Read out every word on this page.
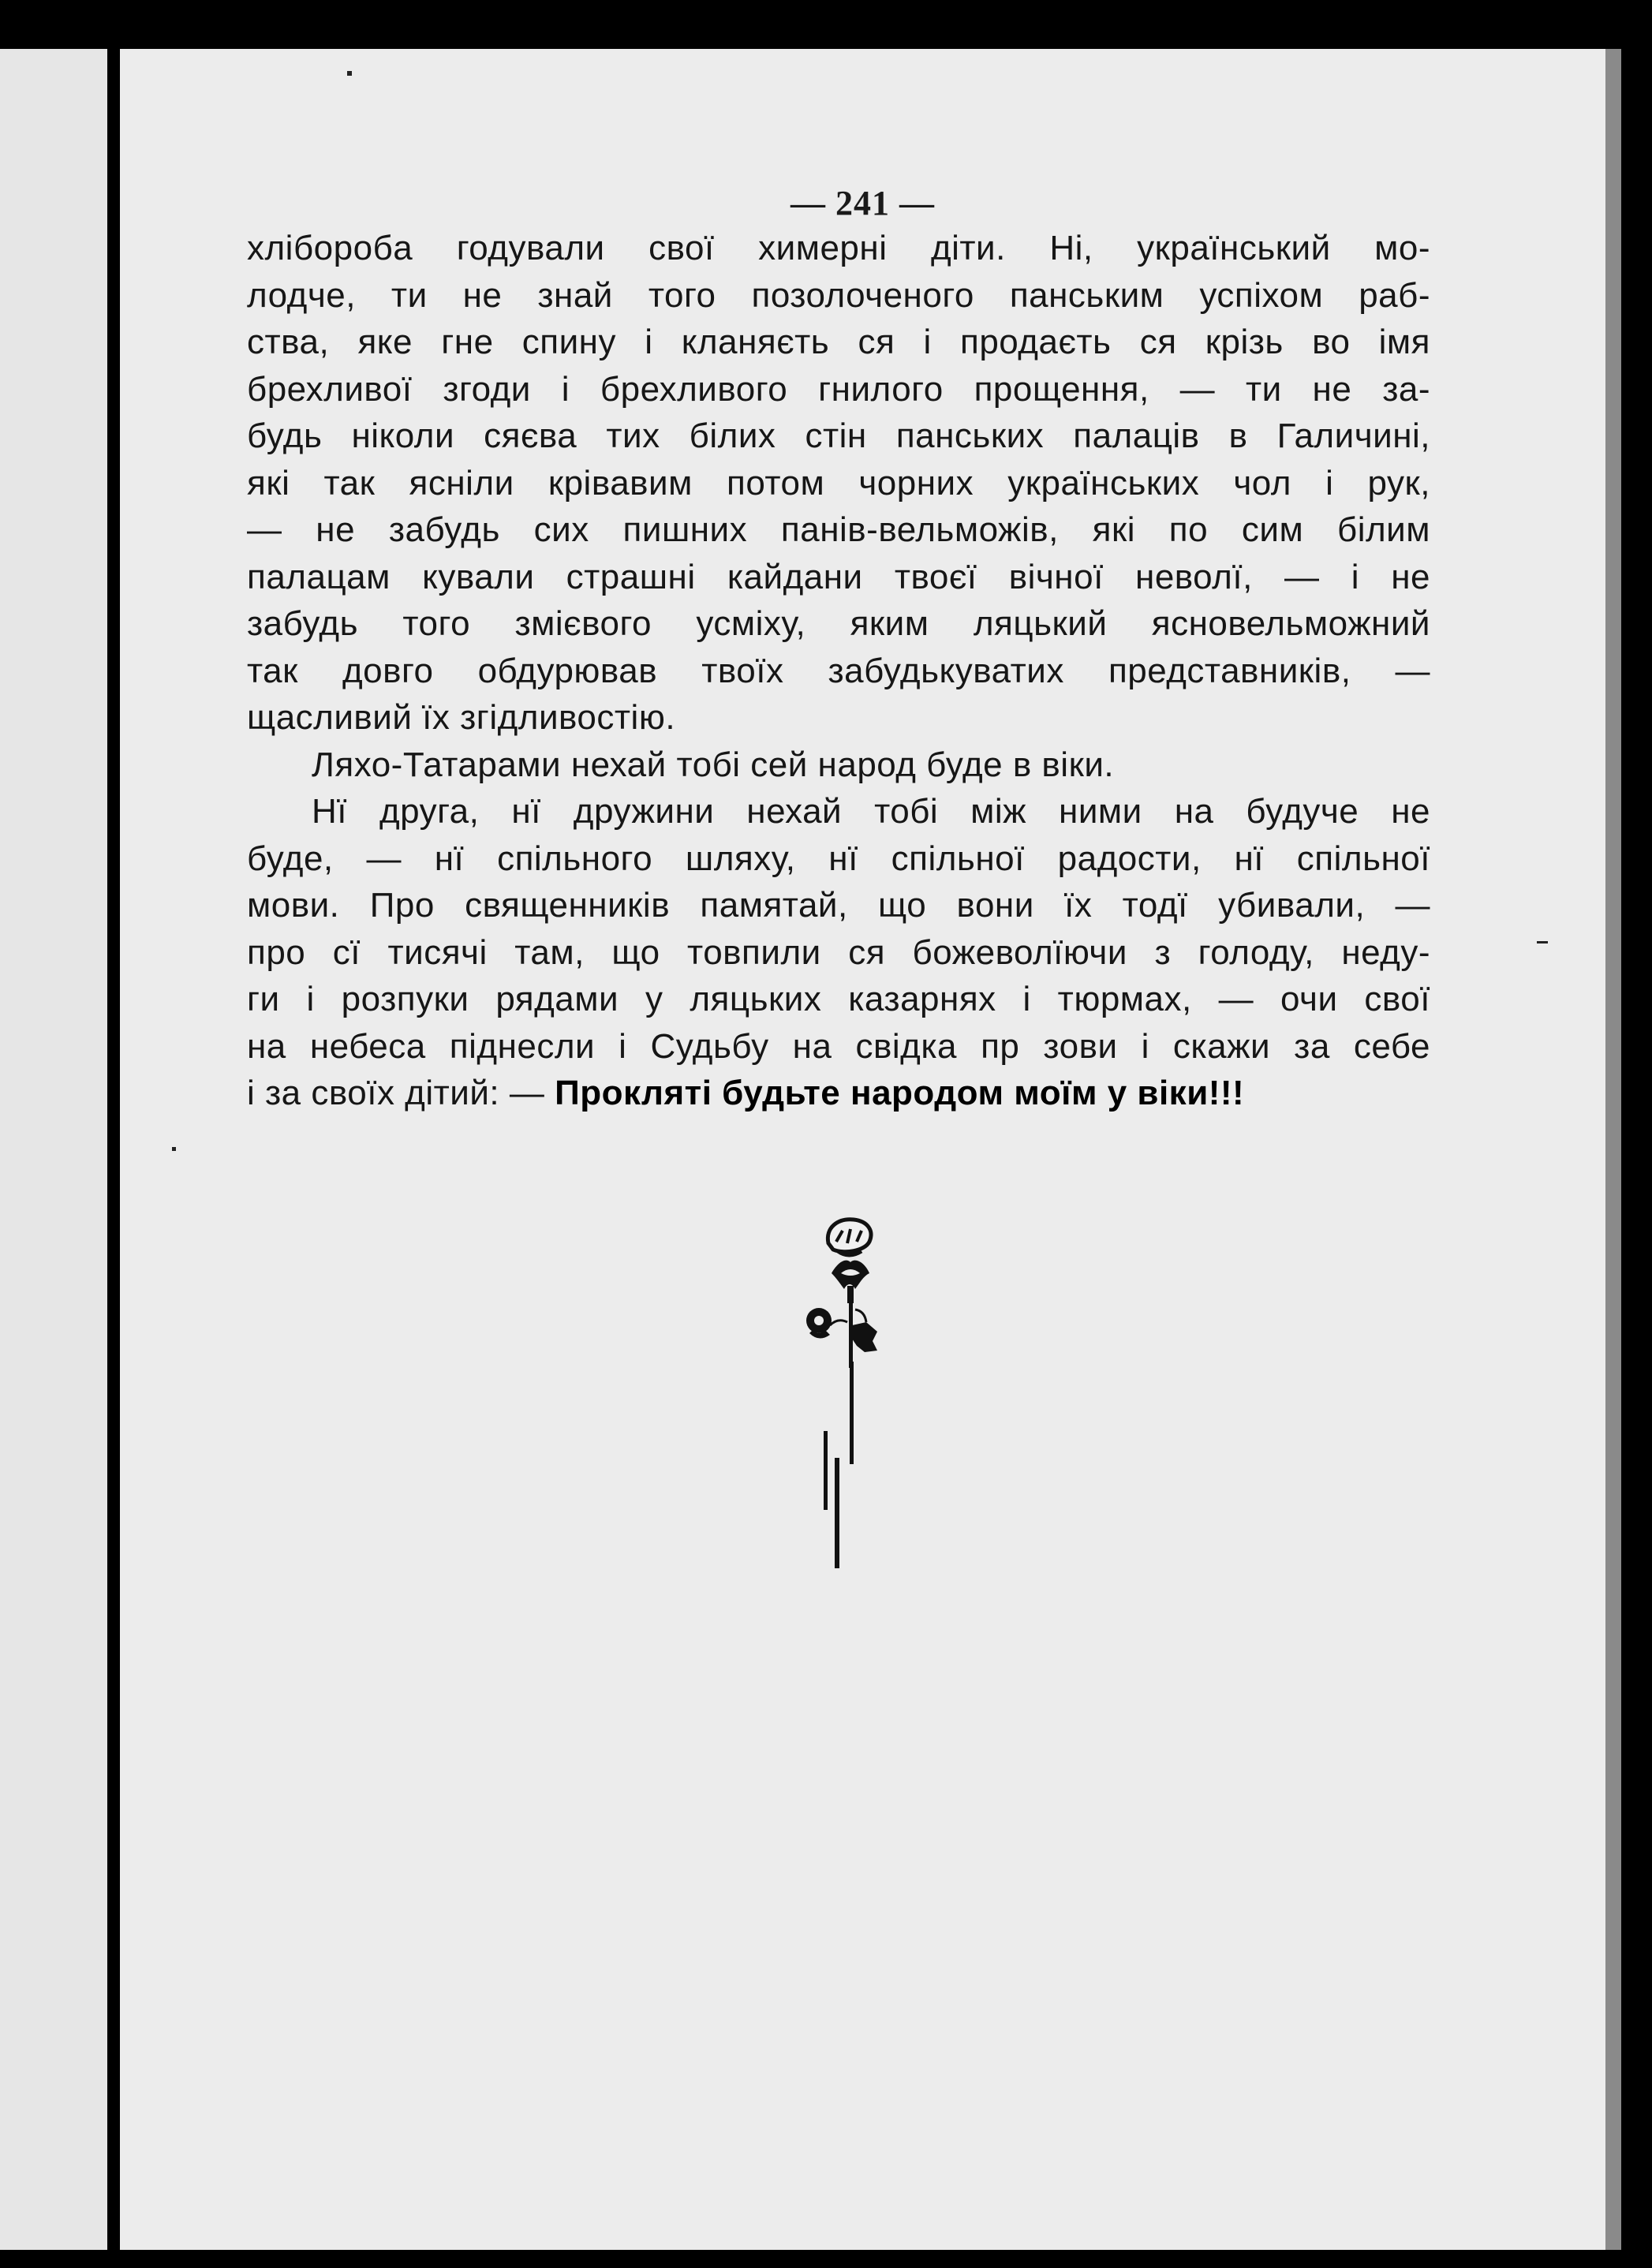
— 241 —
хліборобa годували свої химерні діти. Ні, український мо-
лодче, ти не знай того позолоченого панським успіхом раб-
ства, яке гне спину і кланяєть ся і продаєть ся крізь во імя
брехливої згоди і брехливого гнилого прощення, — ти не за-
будь ніколи сяєва тих білих стін панських палаців в Галичині,
які так ясніли крівавим потом чорних українських чол і рук,
— не забудь сих пишних панів-вельможів, які по сим білим
палацам кували страшні кайдани твоєї вічної неволї, — і не
забудь того змієвого усміху, яким ляцький ясновельможний
так довго обдурював твоїх забудькуватих представників, —
щасливий їх згідливостію.
Ляхо-Татарами нехай тобі сей народ буде в віки.
Нї друга, нї дружини нехай тобі між ними на будуче не
буде, — нї спільного шляху, нї спільної радости, нї спільної
мови. Про священників памятай, що вони їх тодї убивали, —
про сї тисячі там, що товпили ся божеволїючи з голоду, неду-
ги і розпуки рядами у ляцьких казарнях і тюрмах, — очи свої
на небеса піднесли і Судьбу на свідка пр зови і скажи за себе
і за своїх дітий: — Прокляті будьте народом моїм у віки!!!
